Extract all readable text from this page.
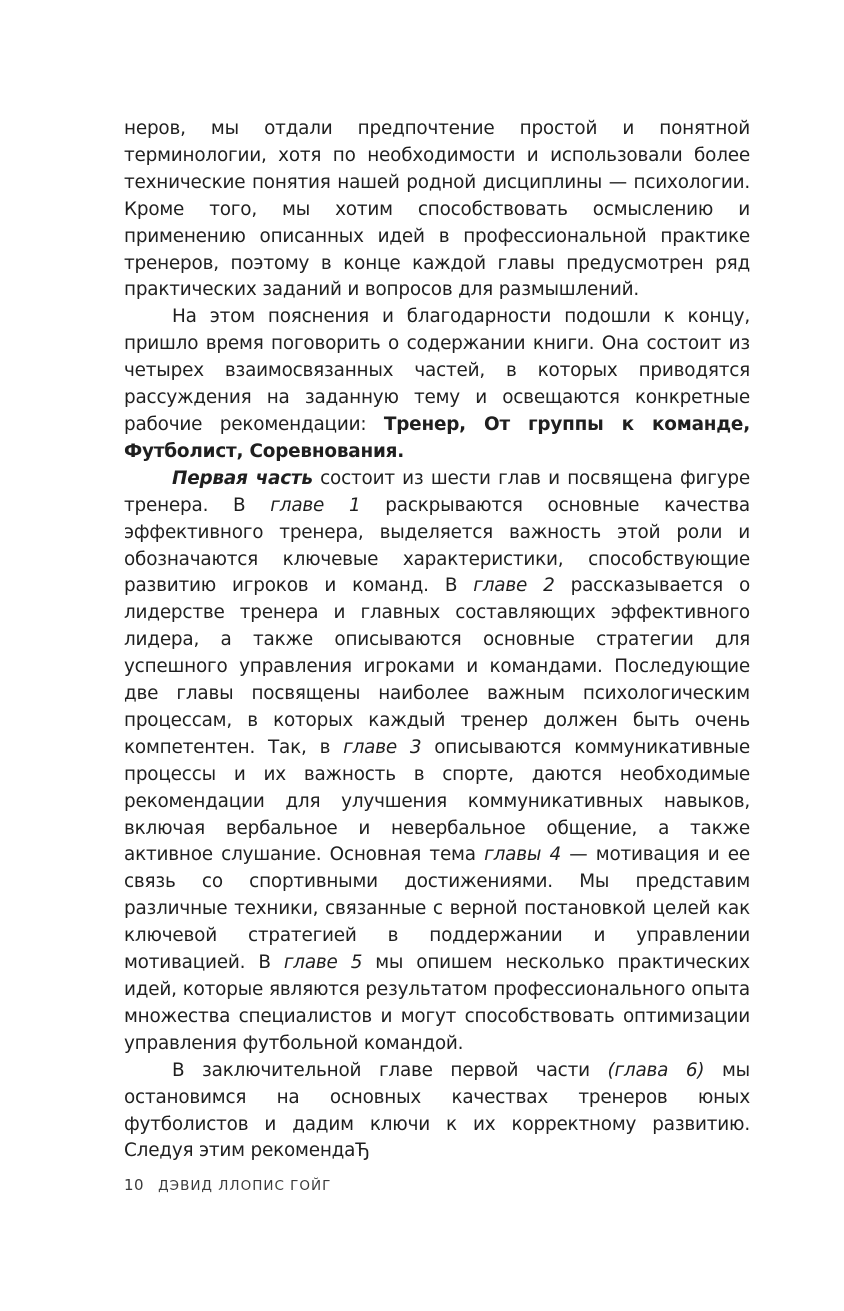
неров, мы отдали предпочтение простой и понятной терминологии, хотя по необходимости и использовали более технические понятия нашей родной дисциплины — психологии. Кроме того, мы хотим способствовать осмыслению и применению описанных идей в профессиональной практике тренеров, поэтому в конце каждой главы предусмотрен ряд практических заданий и вопросов для размышлений.

На этом пояснения и благодарности подошли к концу, пришло время поговорить о содержании книги. Она состоит из четырех взаимосвязанных частей, в которых приводятся рассуждения на заданную тему и освещаются конкретные рабочие рекомендации: Тренер, От группы к команде, Футболист, Соревнования.

Первая часть состоит из шести глав и посвящена фигуре тренера. В главе 1 раскрываются основные качества эффективного тренера, выделяется важность этой роли и обозначаются ключевые характеристики, способствующие развитию игроков и команд. В главе 2 рассказывается о лидерстве тренера и главных составляющих эффективного лидера, а также описываются основные стратегии для успешного управления игроками и командами. Последующие две главы посвящены наиболее важным психологическим процессам, в которых каждый тренер должен быть очень компетентен. Так, в главе 3 описываются коммуникативные процессы и их важность в спорте, даются необходимые рекомендации для улучшения коммуникативных навыков, включая вербальное и невербальное общение, а также активное слушание. Основная тема главы 4 — мотивация и ее связь со спортивными достижениями. Мы представим различные техники, связанные с верной постановкой целей как ключевой стратегией в поддержании и управлении мотивацией. В главе 5 мы опишем несколько практических идей, которые являются результатом профессионального опыта множества специалистов и могут способствовать оптимизации управления футбольной командой.

В заключительной главе первой части (глава 6) мы остановимся на основных качествах тренеров юных футболистов и дадим ключи к их корректному развитию. Следуя этим рекомендаЂ

10 ДЭВИД ЛЛОПИС ГОЙГ
